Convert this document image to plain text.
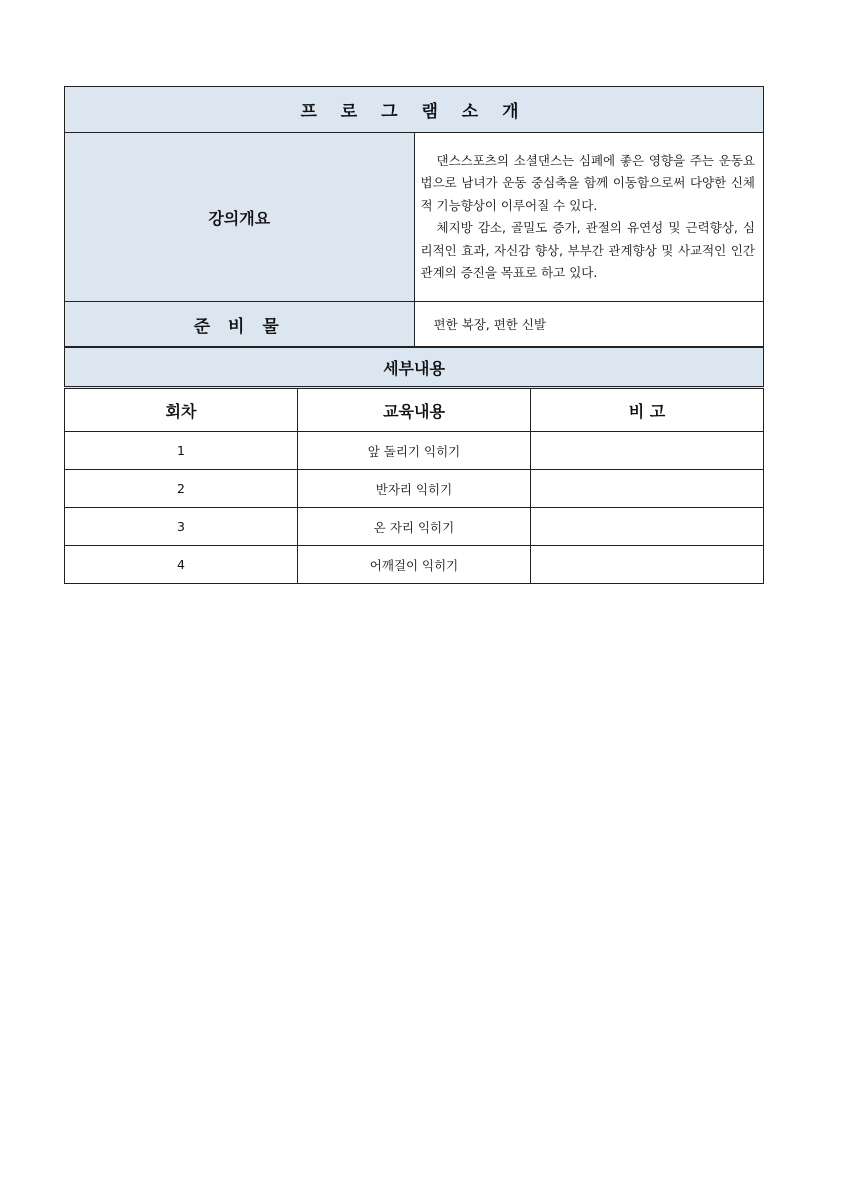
프 로 그 램 소 개	
강의개요	댄스스포츠의 소셜댄스는 심폐에 좋은 영향을 주는 운동요법으로 남녀가 운동 중심축을 함께 이동함으로써 다양한 신체적 기능향상이 이루어질 수 있다.

체지방 감소, 골밀도 증가, 관절의 유연성 및 근력향상, 심리적인 효과, 자신감 향상, 부부간 관계향상 및 사교적인 인간관계의 증진을 목표로 하고 있다.

준 비 물	편한 복장, 편한 신발
세부내용		
회차	교육내용	비 고
1	앞 돌리기 익히기	
2	반자리 익히기	
3	온 자리 익히기	
4	어깨걸이 익히기	
